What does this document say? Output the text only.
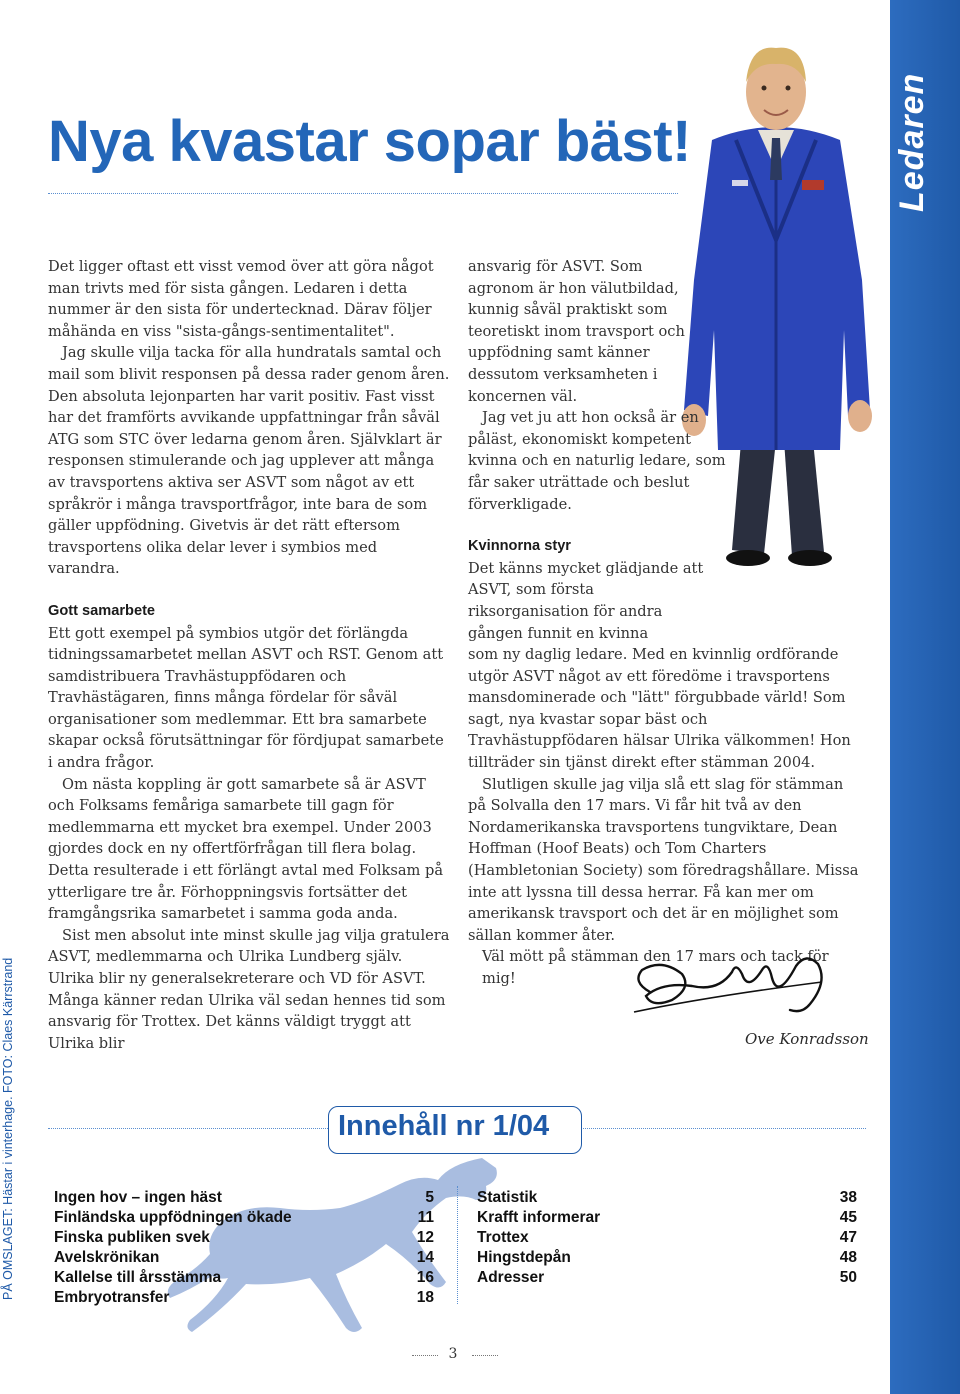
Ledaren
Nya kvastar sopar bäst!

Det ligger oftast ett visst vemod över att göra något man trivts med för sista gången. Ledaren i detta nummer är den sista för undertecknad. Därav följer måhända en viss "sista-gångs-sentimentalitet".

Jag skulle vilja tacka för alla hundratals samtal och mail som blivit responsen på dessa rader genom åren. Den absoluta lejonparten har varit positiv. Fast visst har det framförts avvikande uppfattningar från såväl ATG som STC över ledarna genom åren. Självklart är responsen stimulerande och jag upplever att många av travsportens aktiva ser ASVT som något av ett språkrör i många travsportfrågor, inte bara de som gäller uppfödning. Givetvis är det rätt eftersom travsportens olika delar lever i symbios med varandra.

Gott samarbete

Ett gott exempel på symbios utgör det förlängda tidningssamarbetet mellan ASVT och RST. Genom att samdistribuera Travhästuppfödaren och Travhästägaren, finns många fördelar för såväl organisationer som medlemmar. Ett bra samarbete skapar också förutsättningar för fördjupat samarbete i andra frågor.

Om nästa koppling är gott samarbete så är ASVT och Folksams femåriga samarbete till gagn för medlemmarna ett mycket bra exempel. Under 2003 gjordes dock en ny offertförfrågan till flera bolag. Detta resulterade i ett förlängt avtal med Folksam på ytterligare tre år. Förhoppningsvis fortsätter det framgångsrika samarbetet i samma goda anda.

Sist men absolut inte minst skulle jag vilja gratulera ASVT, medlemmarna och Ulrika Lundberg själv. Ulrika blir ny generalsekreterare och VD för ASVT. Många känner redan Ulrika väl sedan hennes tid som ansvarig för Trottex. Det känns väldigt tryggt att Ulrika blir

ansvarig för ASVT. Som agronom är hon välutbildad, kunnig såväl praktiskt som teoretiskt inom travsport och uppfödning samt känner dessutom verksamheten i koncernen väl.

Jag vet ju att hon också är en påläst, ekonomiskt kompetent kvinna och en naturlig ledare, som får saker uträttade och beslut förverkligade.

Kvinnorna styr

Det känns mycket glädjande att ASVT, som första riksorganisation för andra gången funnit en kvinna

som ny daglig ledare. Med en kvinnlig ordförande utgör ASVT något av ett föredöme i travsportens mansdominerade och "lätt" förgubbade värld! Som sagt, nya kvastar sopar bäst och Travhästuppfödaren hälsar Ulrika välkommen! Hon tillträder sin tjänst direkt efter stämman 2004.

Slutligen skulle jag vilja slå ett slag för stämman på Solvalla den 17 mars. Vi får hit två av den Nordamerikanska travsportens tungviktare, Dean Hoffman (Hoof Beats) och Tom Charters (Hambletonian Society) som föredragshållare. Missa inte att lyssna till dessa herrar. Få kan mer om amerikansk travsport och det är en möjlighet som sällan kommer åter.

Väl mött på stämman den 17 mars och tack för mig!

Ove Konradsson
PÅ OMSLAGET: Hästar i vinterhage. FOTO: Claes Kärrstrand	Innehåll nr 1/04
Ingen hov – ingen häst	5
Finländska uppfödningen ökade	11
Finska publiken svek	12
Avelskrönikan	14
Kallelse till årsstämma	16
Embryotransfer	18
Statistik	38
Krafft informerar	45
Trottex	47
Hingstdepån	48
Adresser	50
3
